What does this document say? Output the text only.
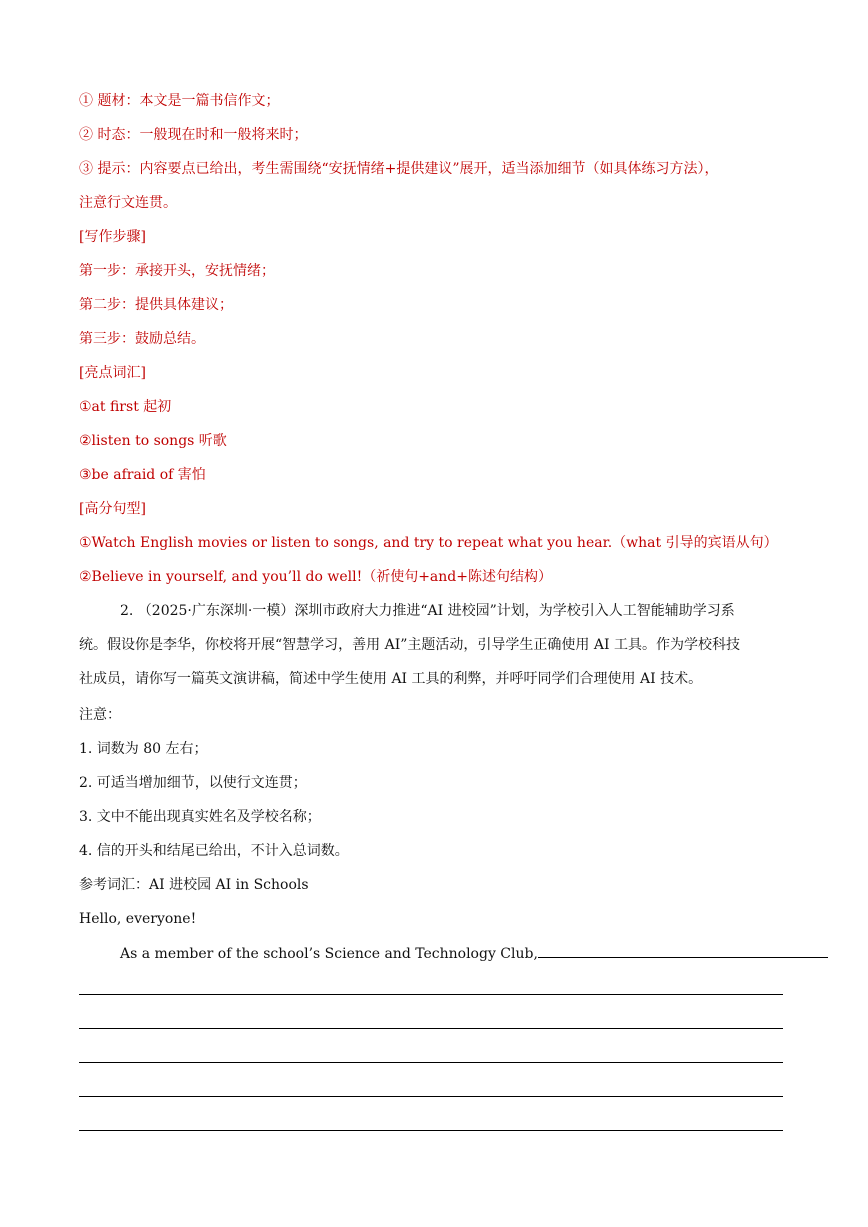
① 题材：本文是一篇书信作文；
② 时态：一般现在时和一般将来时；
③ 提示：内容要点已给出，考生需围绕“安抚情绪+提供建议”展开，适当添加细节（如具体练习方法），
注意行文连贯。
[写作步骤]
第一步：承接开头，安抚情绪；
第二步：提供具体建议；
第三步：鼓励总结。
[亮点词汇]
①at first 起初
②listen to songs 听歌
③be afraid of 害怕
[高分句型]
①Watch English movies or listen to songs, and try to repeat what you hear.（what 引导的宾语从句）
②Believe in yourself, and you’ll do well!（祈使句+and+陈述句结构）
2. （2025·广东深圳·一模）深圳市政府大力推进“AI 进校园”计划，为学校引入人工智能辅助学习系
统。假设你是李华，你校将开展“智慧学习，善用 AI”主题活动，引导学生正确使用 AI 工具。作为学校科技
社成员，请你写一篇英文演讲稿，简述中学生使用 AI 工具的利弊，并呼吁同学们合理使用 AI 技术。
注意：
1. 词数为 80 左右；
2. 可适当增加细节，以使行文连贯；
3. 文中不能出现真实姓名及学校名称；
4. 信的开头和结尾已给出，不计入总词数。
参考词汇：AI 进校园 AI in Schools
Hello, everyone!
As a member of the school’s Science and Technology Club,
